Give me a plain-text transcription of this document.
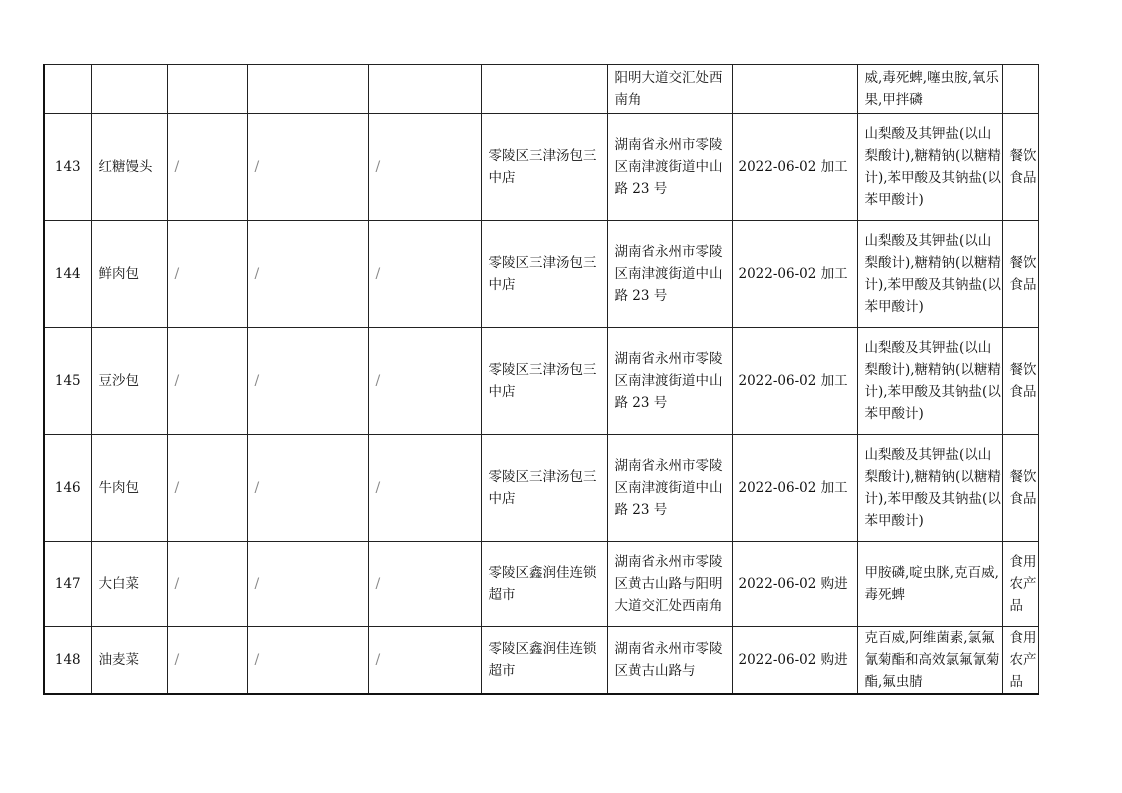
						阳明大道交汇处西南角		威,毒死蜱,噻虫胺,氧乐果,甲拌磷	
143	红糖馒头	/	/	/	零陵区三津汤包三中店	湖南省永州市零陵区南津渡街道中山路 23 号	2022-06-02 加工	山梨酸及其钾盐(以山梨酸计),糖精钠(以糖精计),苯甲酸及其钠盐(以苯甲酸计)	餐饮食品
144	鲜肉包	/	/	/	零陵区三津汤包三中店	湖南省永州市零陵区南津渡街道中山路 23 号	2022-06-02 加工	山梨酸及其钾盐(以山梨酸计),糖精钠(以糖精计),苯甲酸及其钠盐(以苯甲酸计)	餐饮食品
145	豆沙包	/	/	/	零陵区三津汤包三中店	湖南省永州市零陵区南津渡街道中山路 23 号	2022-06-02 加工	山梨酸及其钾盐(以山梨酸计),糖精钠(以糖精计),苯甲酸及其钠盐(以苯甲酸计)	餐饮食品
146	牛肉包	/	/	/	零陵区三津汤包三中店	湖南省永州市零陵区南津渡街道中山路 23 号	2022-06-02 加工	山梨酸及其钾盐(以山梨酸计),糖精钠(以糖精计),苯甲酸及其钠盐(以苯甲酸计)	餐饮食品
147	大白菜	/	/	/	零陵区鑫润佳连锁超市	湖南省永州市零陵区黄古山路与阳明大道交汇处西南角	2022-06-02 购进	甲胺磷,啶虫脒,克百威,毒死蜱	食用农产品
148	油麦菜	/	/	/	零陵区鑫润佳连锁超市	湖南省永州市零陵区黄古山路与	2022-06-02 购进	克百威,阿维菌素,氯氟氰菊酯和高效氯氟氰菊酯,氟虫腈	食用农产品
